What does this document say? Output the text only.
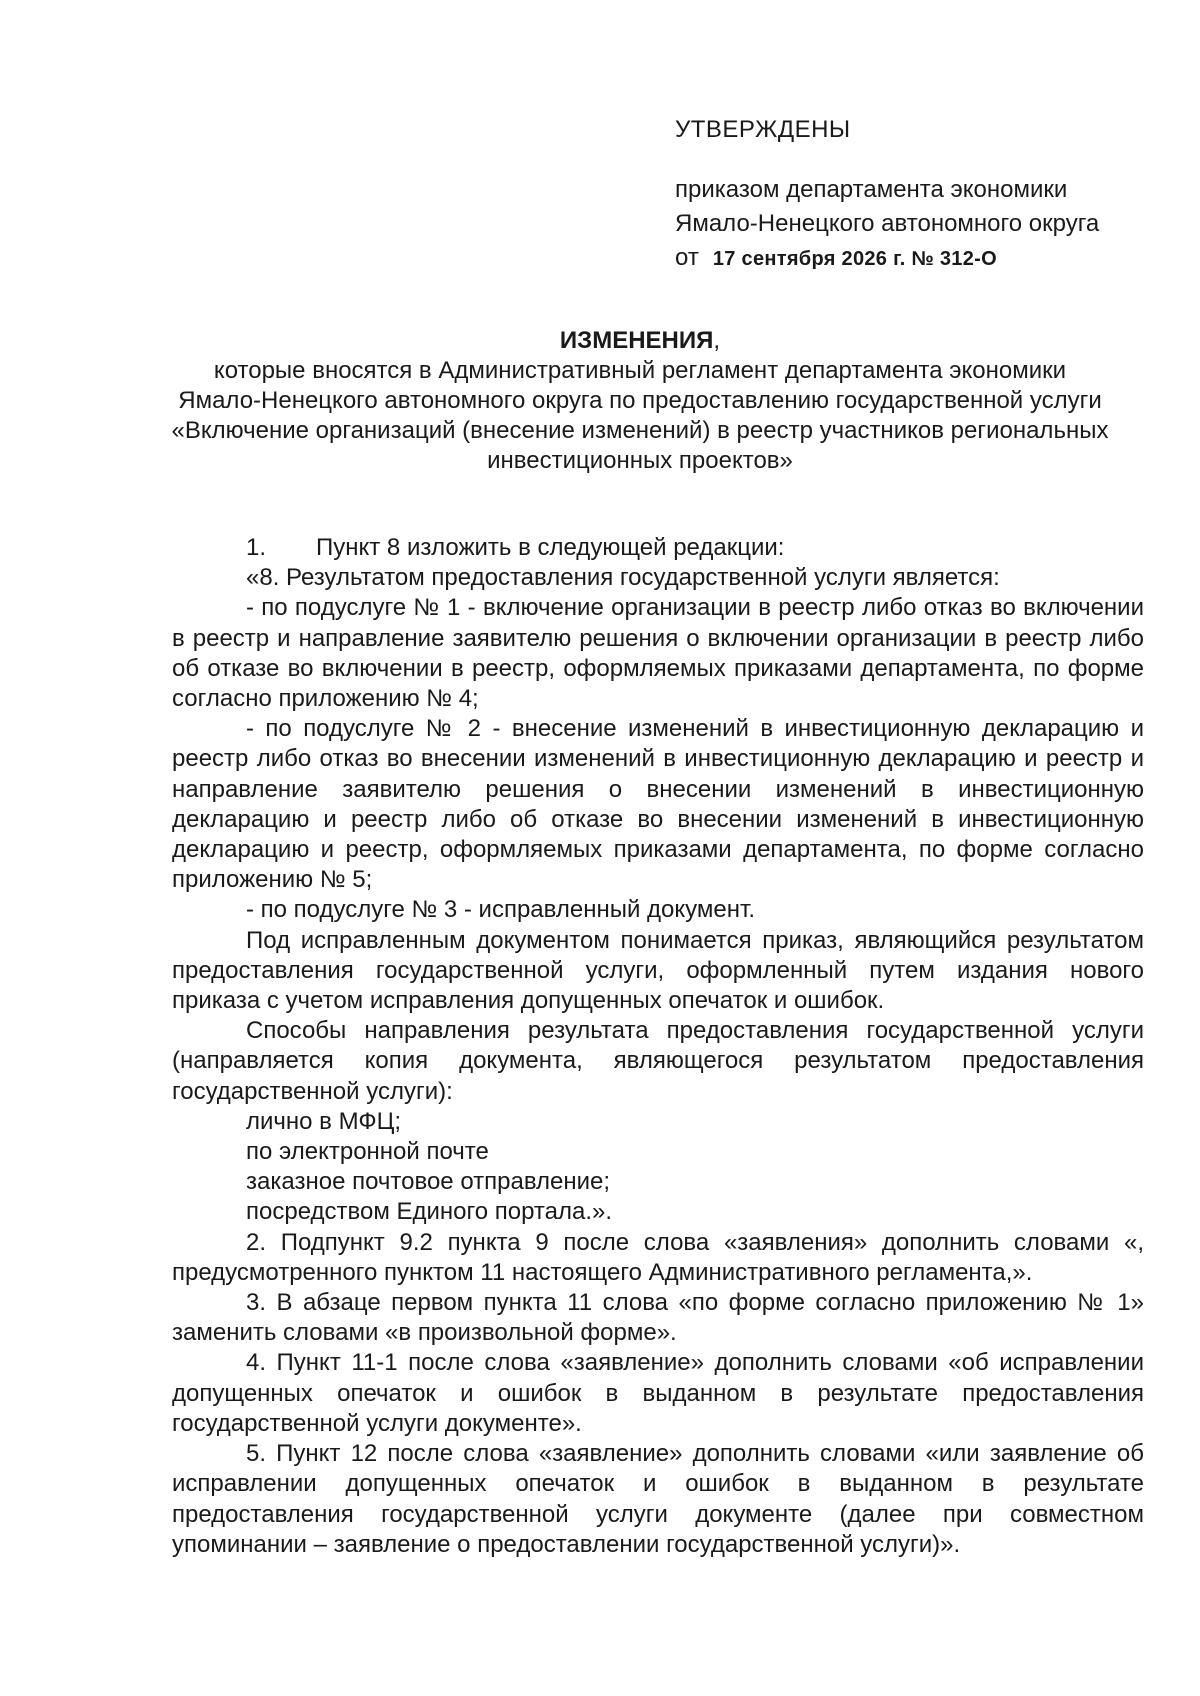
УТВЕРЖДЕНЫ
приказом департамента экономики
Ямало-Ненецкого автономного округа
от 17 сентября 2026 г. № 312-О
ИЗМЕНЕНИЯ,

которые вносятся в Административный регламент департамента экономики Ямало-Ненецкого автономного округа по предоставлению государственной услуги «Включение организаций (внесение изменений) в реестр участников региональных инвестиционных проектов»

1. Пункт 8 изложить в следующей редакции:

«8. Результатом предоставления государственной услуги является:

- по подуслуге № 1 - включение организации в реестр либо отказ во включении в реестр и направление заявителю решения о включении организации в реестр либо об отказе во включении в реестр, оформляемых приказами департамента, по форме согласно приложению № 4;

- по подуслуге № 2 - внесение изменений в инвестиционную декларацию и реестр либо отказ во внесении изменений в инвестиционную декларацию и реестр и направление заявителю решения о внесении изменений в инвестиционную декларацию и реестр либо об отказе во внесении изменений в инвестиционную декларацию и реестр, оформляемых приказами департамента, по форме согласно приложению № 5;

- по подуслуге № 3 - исправленный документ.

Под исправленным документом понимается приказ, являющийся результатом предоставления государственной услуги, оформленный путем издания нового приказа с учетом исправления допущенных опечаток и ошибок.

Способы направления результата предоставления государственной услуги (направляется копия документа, являющегося результатом предоставления государственной услуги):

лично в МФЦ;

по электронной почте

заказное почтовое отправление;

посредством Единого портала.».

2. Подпункт 9.2 пункта 9 после слова «заявления» дополнить словами «, предусмотренного пунктом 11 настоящего Административного регламента,».

3. В абзаце первом пункта 11 слова «по форме согласно приложению № 1» заменить словами «в произвольной форме».

4. Пункт 11-1 после слова «заявление» дополнить словами «об исправлении допущенных опечаток и ошибок в выданном в результате предоставления государственной услуги документе».

5. Пункт 12 после слова «заявление» дополнить словами «или заявление об исправлении допущенных опечаток и ошибок в выданном в результате предоставления государственной услуги документе (далее при совместном упоминании – заявление о предоставлении государственной услуги)».
